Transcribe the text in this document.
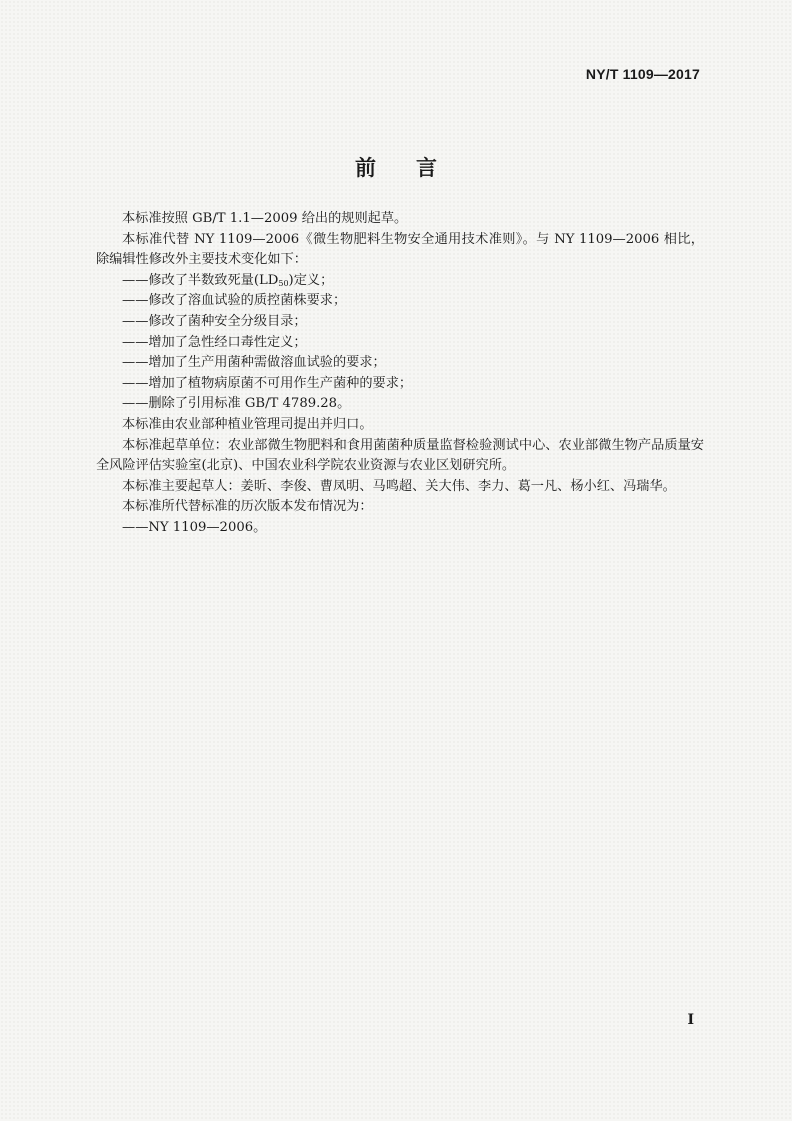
NY/T 1109—2017
前言

本标准按照 GB/T 1.1—2009 给出的规则起草。

本标准代替 NY 1109—2006《微生物肥料生物安全通用技术准则》。与 NY 1109—2006 相比，除编辑性修改外主要技术变化如下：

——修改了半数致死量$(LD_{50})$定义；

——修改了溶血试验的质控菌株要求；

——修改了菌种安全分级目录；

——增加了急性经口毒性定义；

——增加了生产用菌种需做溶血试验的要求；

——增加了植物病原菌不可用作生产菌种的要求；

——删除了引用标准 GB/T 4789.28。

本标准由农业部种植业管理司提出并归口。

本标准起草单位：农业部微生物肥料和食用菌菌种质量监督检验测试中心、农业部微生物产品质量安全风险评估实验室(北京)、中国农业科学院农业资源与农业区划研究所。

本标准主要起草人：姜昕、李俊、曹凤明、马鸣超、关大伟、李力、葛一凡、杨小红、冯瑞华。

本标准所代替标准的历次版本发布情况为：

——NY 1109—2006。

I
